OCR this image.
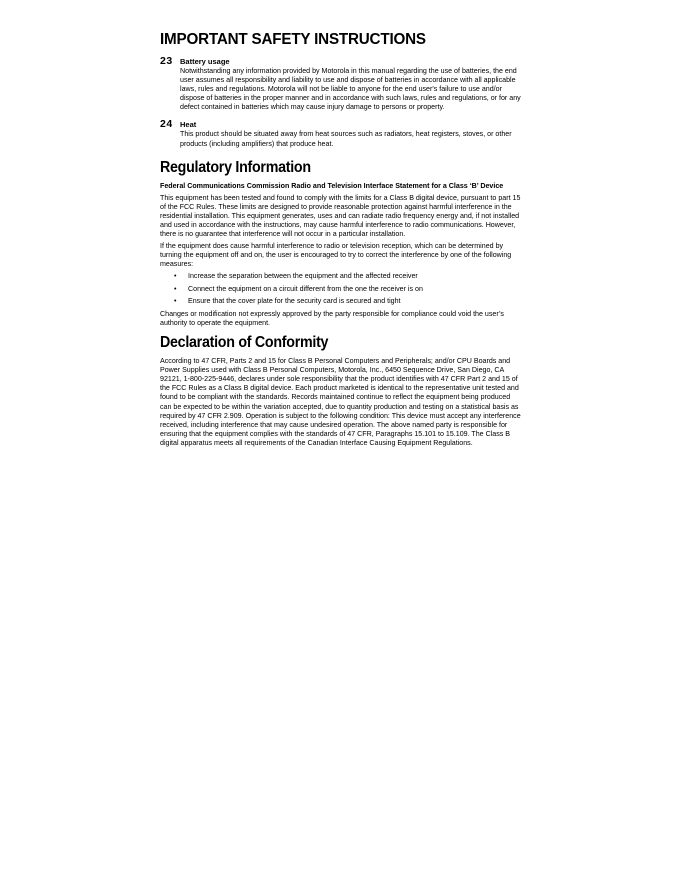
IMPORTANT SAFETY INSTRUCTIONS
23 Battery usage
Notwithstanding any information provided by Motorola in this manual regarding the use of batteries, the end user assumes all responsibility and liability to use and dispose of batteries in accordance with all applicable laws, rules and regulations. Motorola will not be liable to anyone for the end user's failure to use and/or dispose of batteries in the proper manner and in accordance with such laws, rules and regulations, or for any defect contained in batteries which may cause injury damage to persons or property.
24 Heat
This product should be situated away from heat sources such as radiators, heat registers, stoves, or other products (including amplifiers) that produce heat.
Regulatory Information
Federal Communications Commission Radio and Television Interface Statement for a Class ‘B’ Device
This equipment has been tested and found to comply with the limits for a Class B digital device, pursuant to part 15 of the FCC Rules. These limits are designed to provide reasonable protection against harmful interference in the residential installation. This equipment generates, uses and can radiate radio frequency energy and, if not installed and used in accordance with the instructions, may cause harmful interference to radio communications. However, there is no guarantee that interference will not occur in a particular installation.
If the equipment does cause harmful interference to radio or television reception, which can be determined by turning the equipment off and on, the user is encouraged to try to correct the interference by one of the following measures:
• Increase the separation between the equipment and the affected receiver
• Connect the equipment on a circuit different from the one the receiver is on
• Ensure that the cover plate for the security card is secured and tight
Changes or modification not expressly approved by the party responsible for compliance could void the user’s authority to operate the equipment.
Declaration of Conformity
According to 47 CFR, Parts 2 and 15 for Class B Personal Computers and Peripherals; and/or CPU Boards and Power Supplies used with Class B Personal Computers, Motorola, Inc., 6450 Sequence Drive, San Diego, CA 92121, 1-800-225-9446, declares under sole responsibility that the product identifies with 47 CFR Part 2 and 15 of the FCC Rules as a Class B digital device. Each product marketed is identical to the representative unit tested and found to be compliant with the standards. Records maintained continue to reflect the equipment being produced can be expected to be within the variation accepted, due to quantity production and testing on a statistical basis as required by 47 CFR 2.909. Operation is subject to the following condition: This device must accept any interference received, including interference that may cause undesired operation. The above named party is responsible for ensuring that the equipment complies with the standards of 47 CFR, Paragraphs 15.101 to 15.109. The Class B digital apparatus meets all requirements of the Canadian Interface Causing Equipment Regulations.
